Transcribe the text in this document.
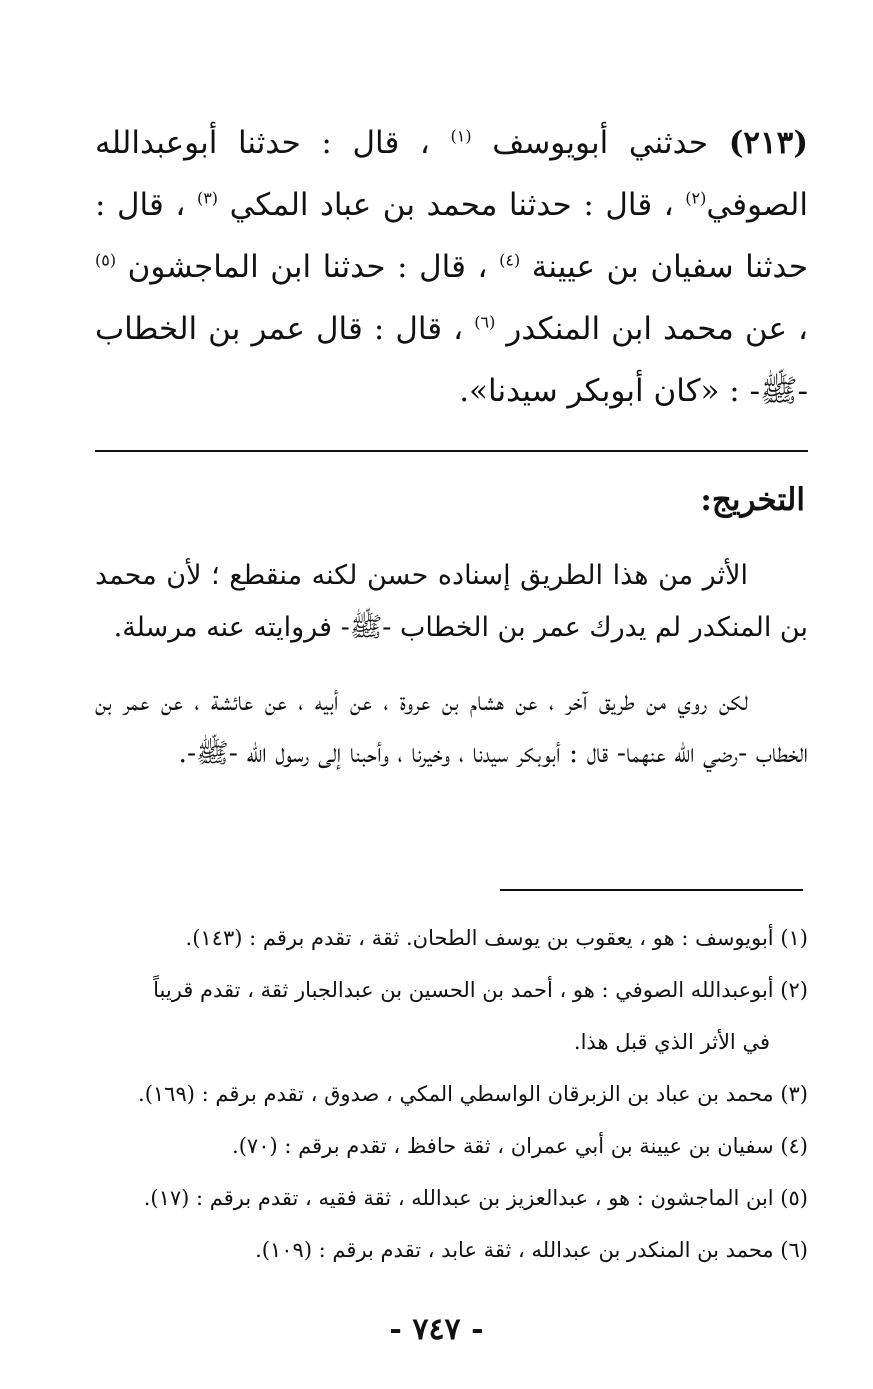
(٢١٣) حدثني أبويوسف $^{(١)}$ ، قال : حدثنا أبوعبدالله الصوفي$^{(٢)}$ ، قال : حدثنا محمد بن عباد المكي $^{(٣)}$ ، قال : حدثنا سفيان بن عيينة $^{(٤)}$ ، قال : حدثنا ابن الماجشون $^{(٥)}$ ، عن محمد ابن المنكدر $^{(٦)}$ ، قال : قال عمر بن الخطاب -ﷺ- : «كان أبوبكر سيدنا».

التخريج:

الأثر من هذا الطريق إسناده حسن لكنه منقطع ؛ لأن محمد بن المنكدر لم يدرك عمر بن الخطاب -ﷺ- فروايته عنه مرسلة.

لكن روي من طريق آخر ، عن هشام بن عروة ، عن أبيه ، عن عائشة ، عن عمر بن الخطاب -رضي الله عنهما- قال : أبوبكر سيدنا ، وخيرنا ، وأحبنا إلى رسول الله -ﷺ-.

(١) أبويوسف : هو ، يعقوب بن يوسف الطحان. ثقة ، تقدم برقم : (١٤٣).
(٢) أبوعبدالله الصوفي : هو ، أحمد بن الحسين بن عبدالجبار ثقة ، تقدم قريباً
في الأثر الذي قبل هذا.
(٣) محمد بن عباد بن الزبرقان الواسطي المكي ، صدوق ، تقدم برقم : (١٦٩).
(٤) سفيان بن عيينة بن أبي عمران ، ثقة حافظ ، تقدم برقم : (٧٠).
(٥) ابن الماجشون : هو ، عبدالعزيز بن عبدالله ، ثقة فقيه ، تقدم برقم : (١٧).
(٦) محمد بن المنكدر بن عبدالله ، ثقة عابد ، تقدم برقم : (١٠٩).

- ٧٤٧ -
